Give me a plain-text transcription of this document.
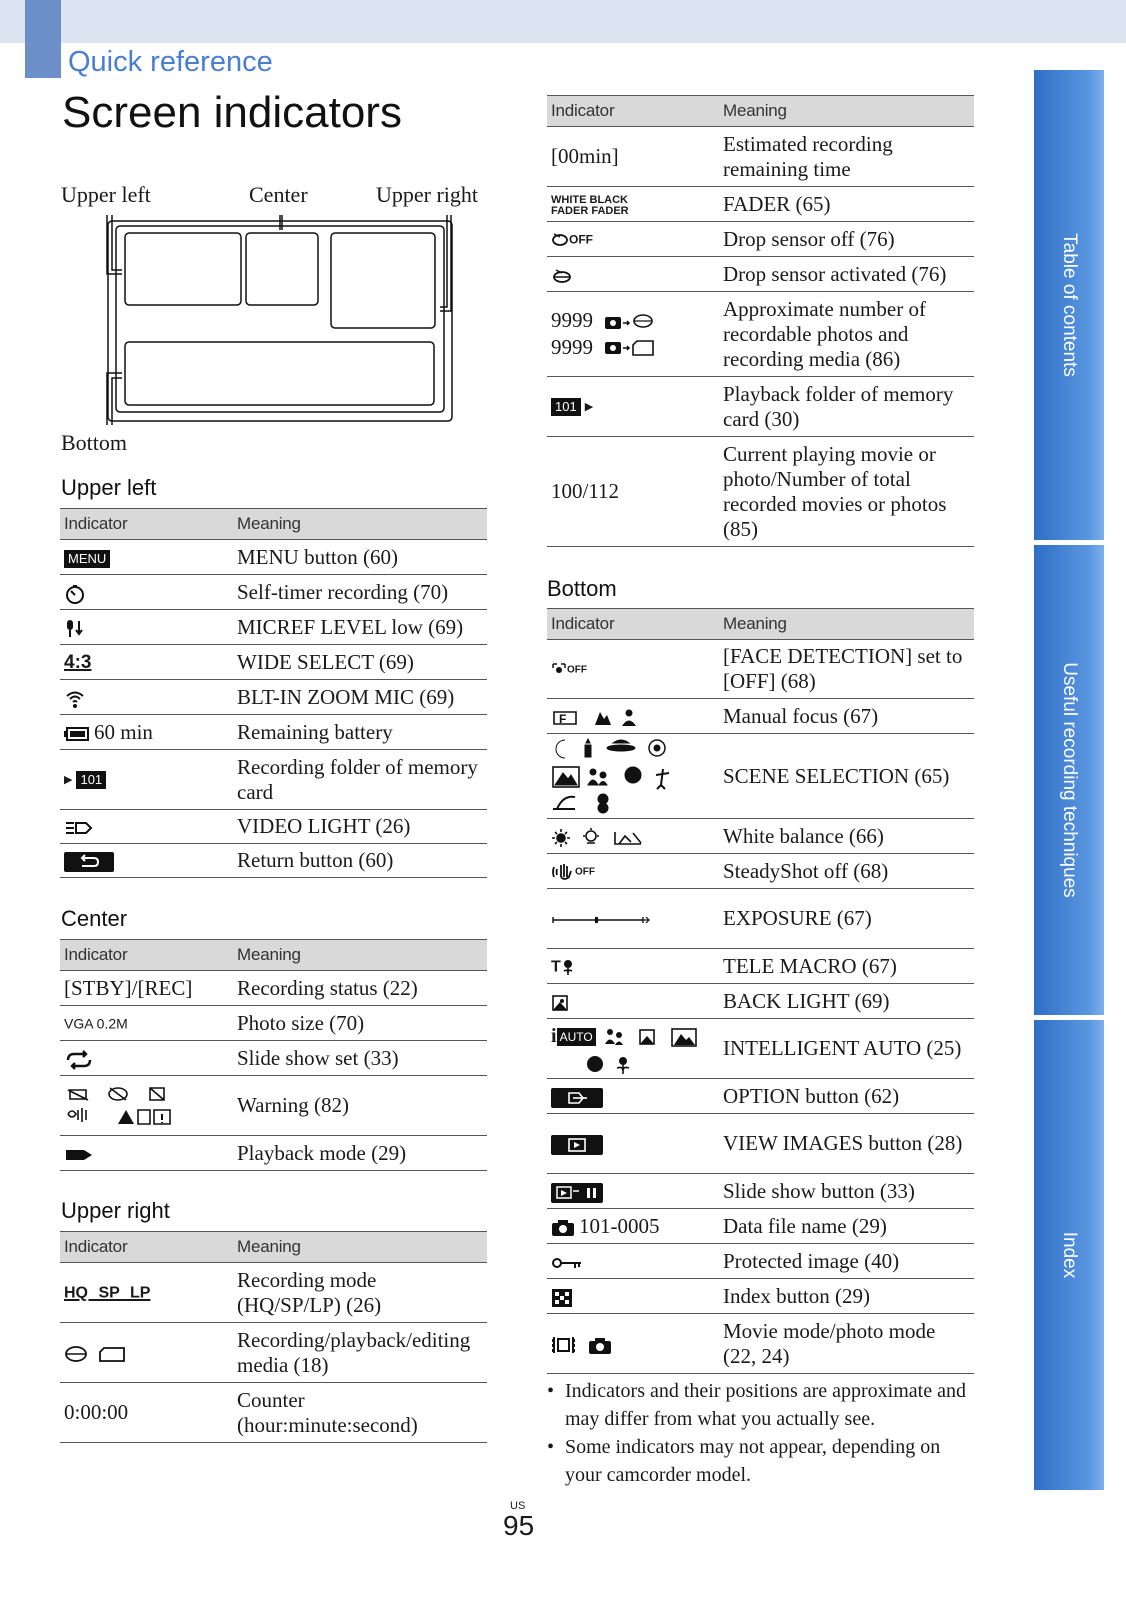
Quick reference
Screen indicators
Upper left	Center	Upper right
Bottom
Upper left
Indicator	Meaning
MENU	MENU button (60)
	Self-timer recording (70)
	MICREF LEVEL low (69)
4:3	WIDE SELECT (69)
	BLT-IN ZOOM MIC (69)
60 min	Remaining battery
▶ 101	Recording folder of memory card
	VIDEO LIGHT (26)
	Return button (60)
Center
Indicator	Meaning
[STBY]/[REC]	Recording status (22)
VGA 0.2M	Photo size (70)
	Slide show set (33)
	Warning (82)
	Playback mode (29)
Upper right
Indicator	Meaning
HQ SP LP	Recording mode (HQ/SP/LP) (26)
	Recording/playback/editing media (18)
0:00:00	Counter (hour:minute:second)
Indicator	Meaning
[00min]	Estimated recording remaining time
WHITE BLACK FADER FADER	FADER (65)
OFF	Drop sensor off (76)
	Drop sensor activated (76)
9999 9999	Approximate number of recordable photos and recording media (86)
101 ▶	Playback folder of memory card (30)
100/112	Current playing movie or photo/Number of total recorded movies or photos (85)
Bottom
Indicator	Meaning
OFF	[FACE DETECTION] set to [OFF] (68)

F	Manual focus (67)
	SCENE SELECTION (65)
	White balance (66)
OFF	SteadyShot off (68)
	EXPOSURE (67)
T	TELE MACRO (67)
	BACK LIGHT (69)

i AUTO	INTELLIGENT AUTO (25)
	OPTION button (62)
	VIEW IMAGES button (28)
	Slide show button (33)
101-0005	Data file name (29)
	Protected image (40)
	Index button (29)
	Movie mode/photo mode (22, 24)
• Indicators and their positions are approximate and may differ from what you actually see.
• Some indicators may not appear, depending on your camcorder model.
US
95
Table of contents
Useful recording techniques
Index
